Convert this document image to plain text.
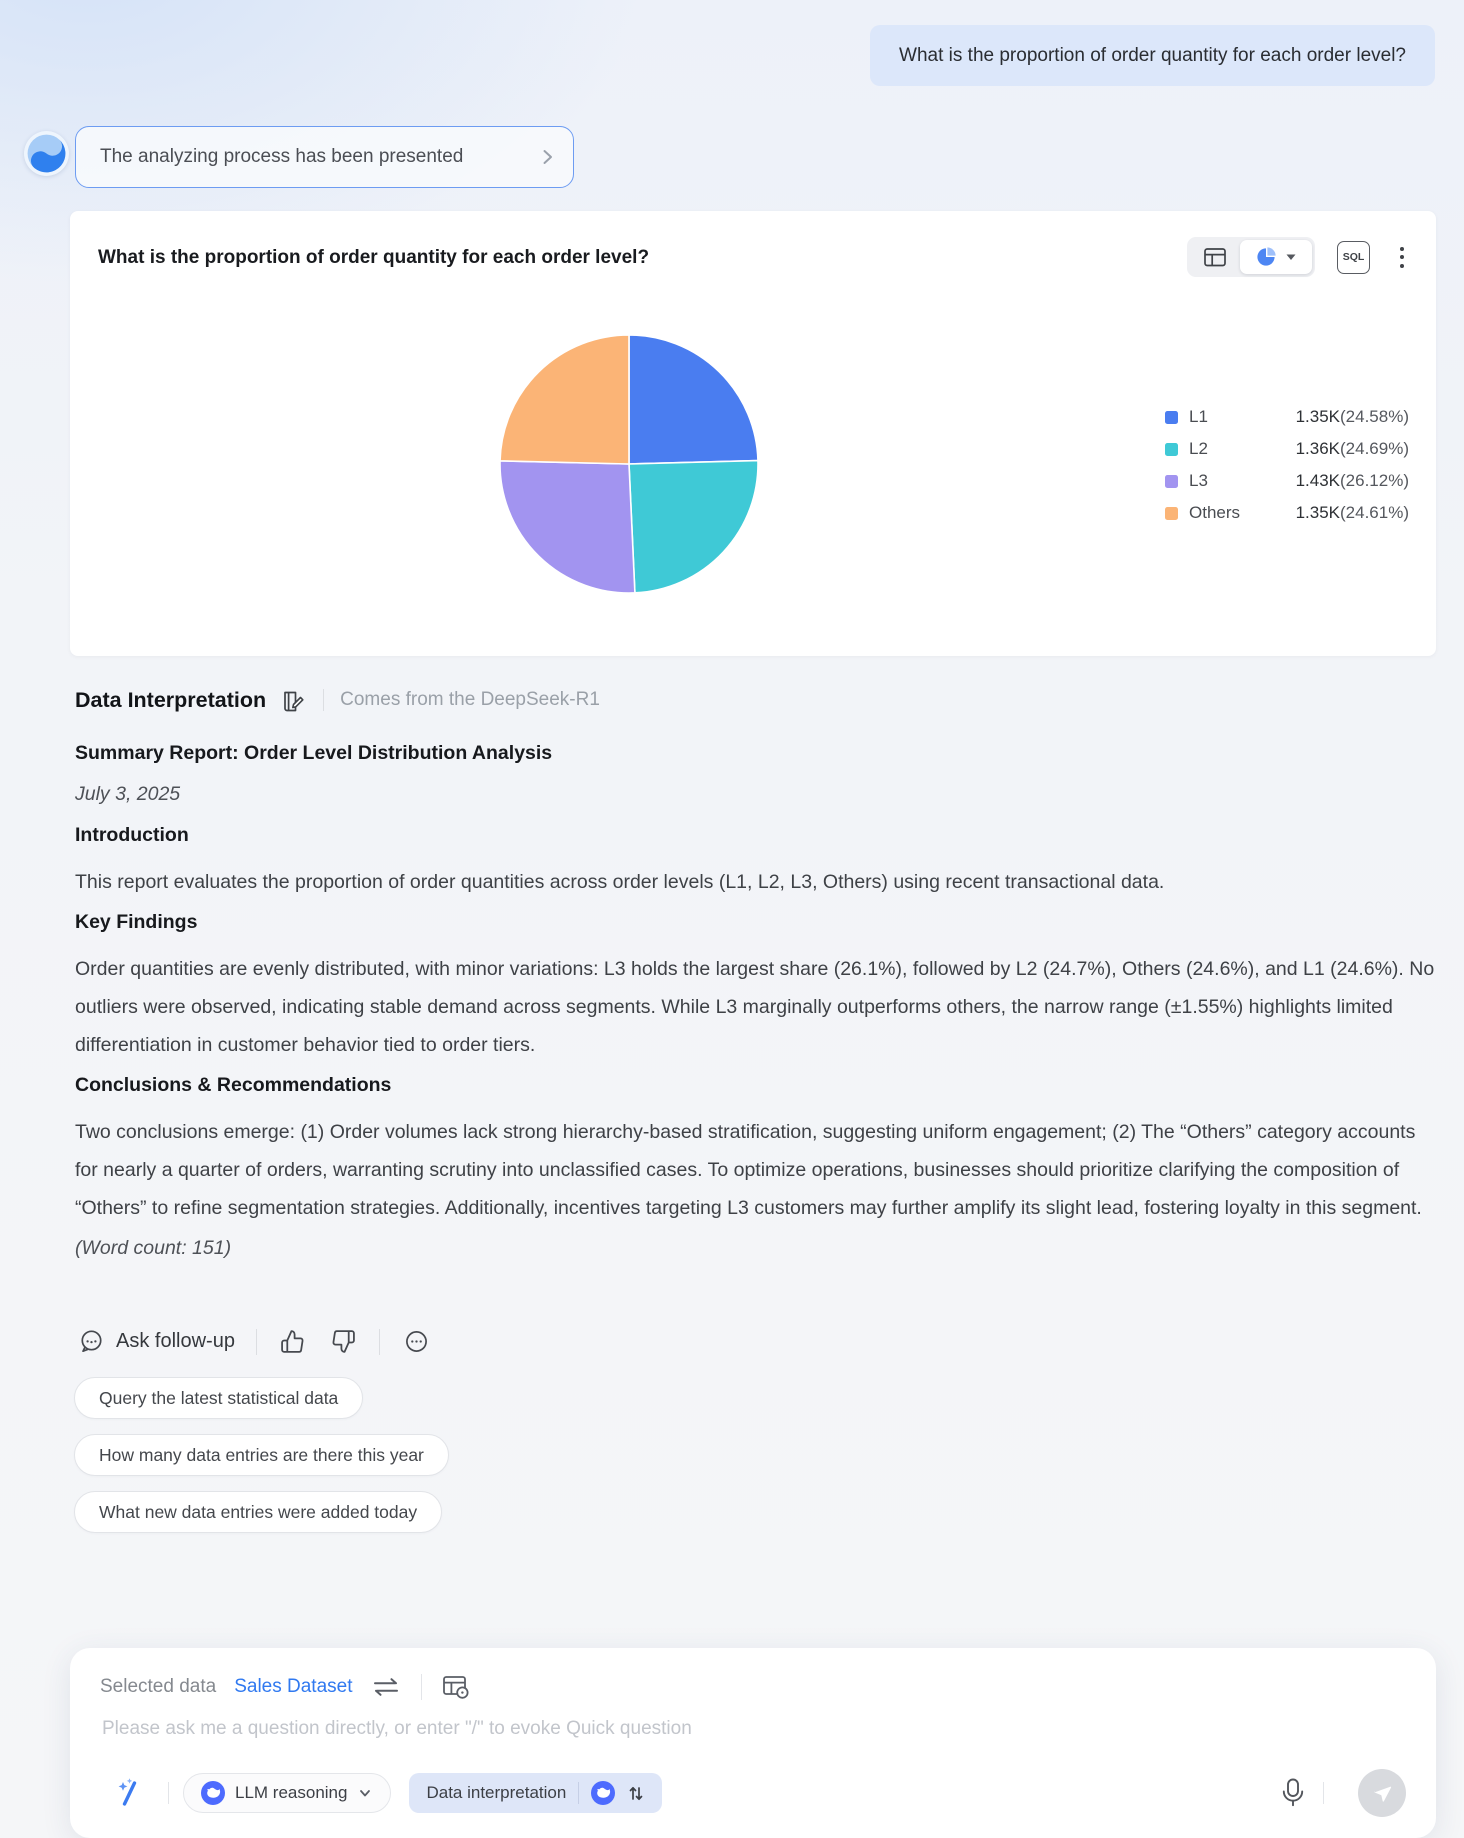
What is the proportion of order quantity for each order level?
The analyzing process has been presented
What is the proportion of order quantity for each order level?	SQL
L1	1.35K(24.58%)
L2	1.36K(24.69%)
L3	1.43K(26.12%)
Others	1.35K(24.61%)
Data Interpretation	Comes from the DeepSeek-R1

Summary Report: Order Level Distribution Analysis

July 3, 2025

Introduction

This report evaluates the proportion of order quantities across order levels (L1, L2, L3, Others) using recent transactional data.

Key Findings

Order quantities are evenly distributed, with minor variations: L3 holds the largest share (26.1%), followed by L2 (24.7%), Others (24.6%), and L1 (24.6%). No outliers were observed, indicating stable demand across segments. While L3 marginally outperforms others, the narrow range (±1.55%) highlights limited differentiation in customer behavior tied to order tiers.

Conclusions & Recommendations

Two conclusions emerge: (1) Order volumes lack strong hierarchy-based stratification, suggesting uniform engagement; (2) The “Others” category accounts for nearly a quarter of orders, warranting scrutiny into unclassified cases. To optimize operations, businesses should prioritize clarifying the composition of “Others” to refine segmentation strategies. Additionally, incentives targeting L3 customers may further amplify its slight lead, fostering loyalty in this segment.

(Word count: 151)

Ask follow-up
Query the latest statistical data
How many data entries are there this year
What new data entries were added today
Selected data Sales Dataset
Please ask me a question directly, or enter "/" to evoke Quick question
LLM reasoning	Data interpretation
